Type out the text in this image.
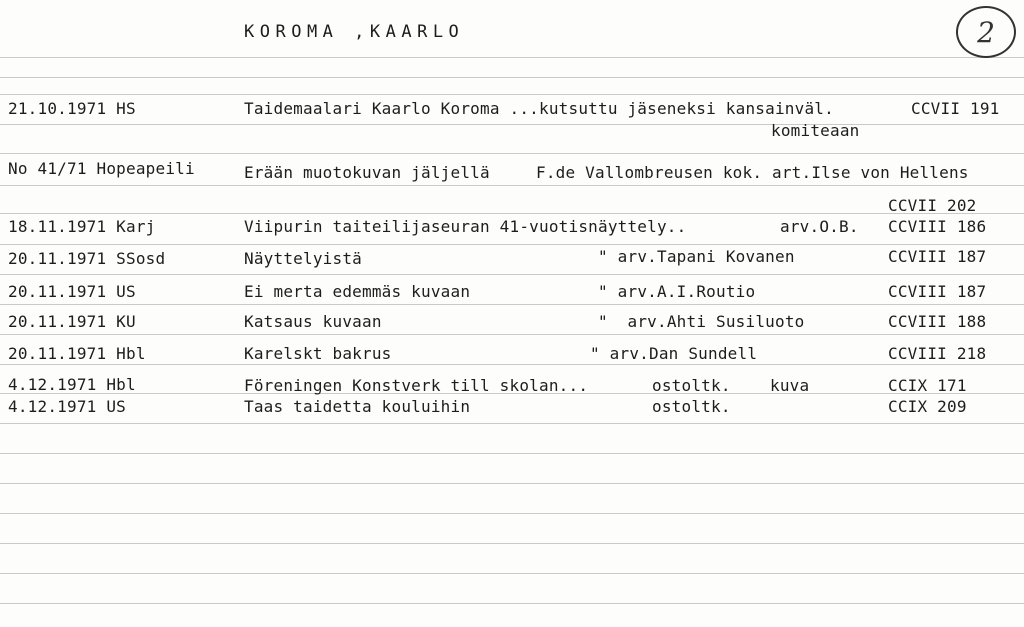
KOROMA ,KAARLO	2
21.10.1971 HS	Taidemaalari Kaarlo Koroma ...kutsuttu jäseneksi kansainväl.	CCVII 191
komiteaan
No 41/71 Hopeapeili	Erään muotokuvan jäljellä	F.de Vallombreusen kok. art.Ilse von Hellens
CCVII 202
18.11.1971 Karj	Viipurin taiteilijaseuran 41-vuotisnäyttely..	arv.O.B. CCVIII 186
20.11.1971 SSosd	Näyttelyistä	" arv.Tapani Kovanen	CCVIII 187
20.11.1971 US	Ei merta edemmäs kuvaan	" arv.A.I.Routio	CCVIII 187
20.11.1971 KU	Katsaus kuvaan	"  arv.Ahti Susiluoto	CCVIII 188
20.11.1971 Hbl	Karelskt bakrus	" arv.Dan Sundell	CCVIII 218
4.12.1971 Hbl	Föreningen Konstverk till skolan...	ostoltk. kuva	CCIX 171
4.12.1971 US	Taas taidetta kouluihin	ostoltk.	CCIX 209
